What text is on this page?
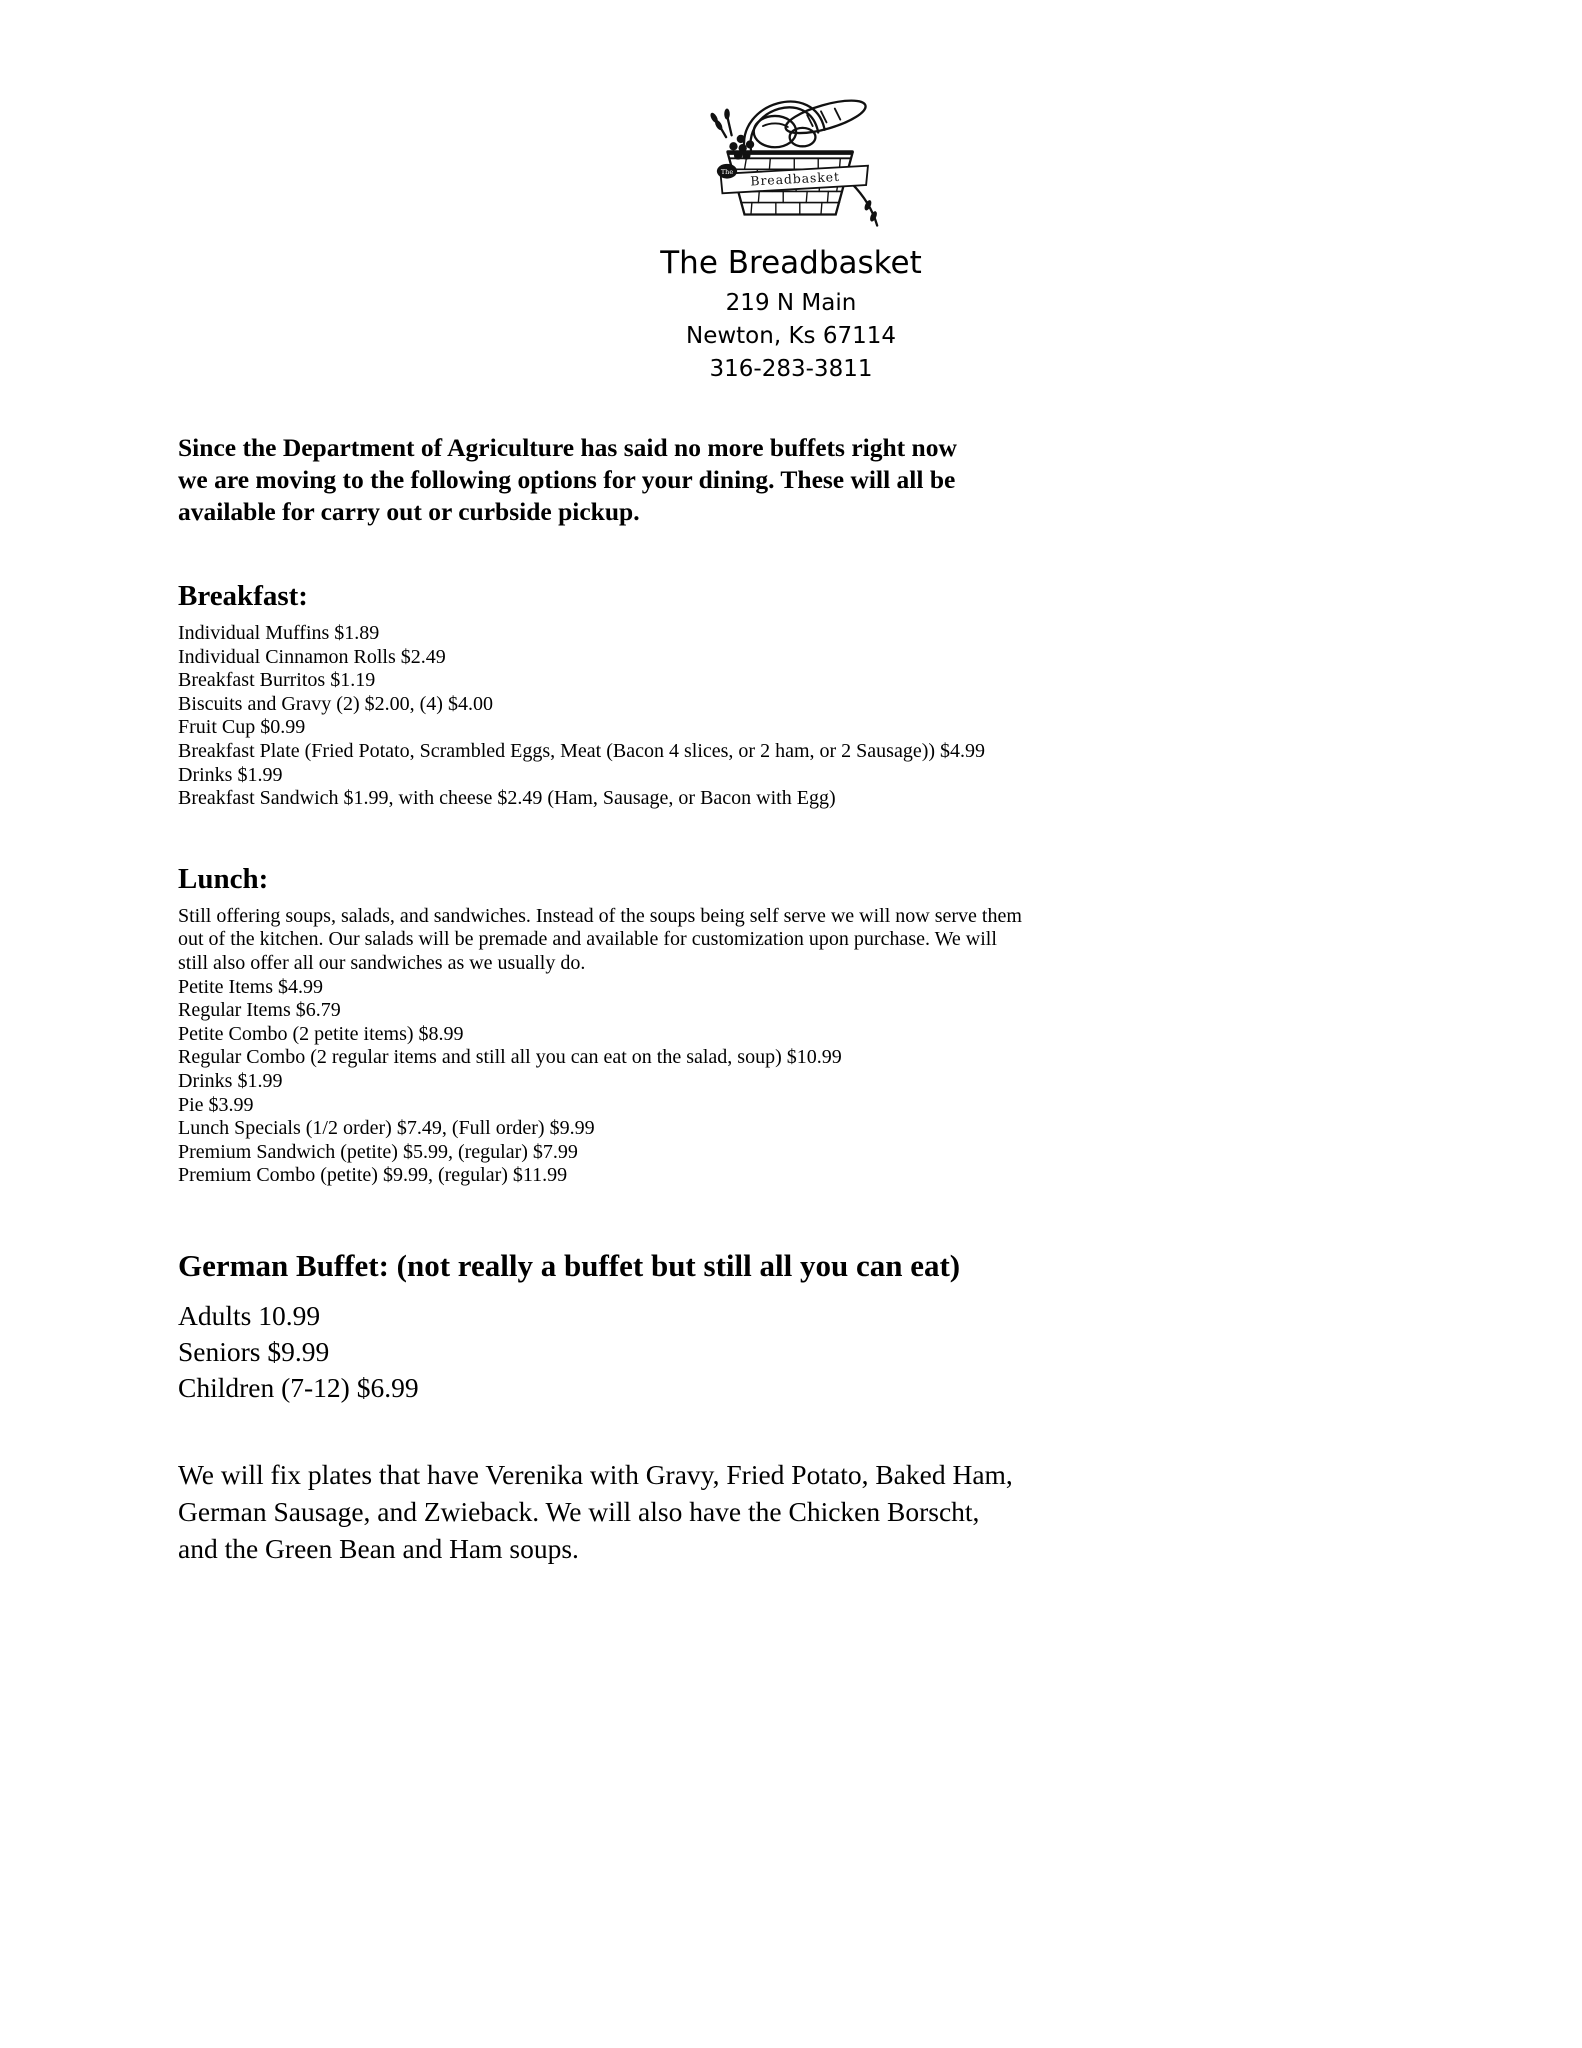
The Breadbasket
The Breadbasket
219 N Main
Newton, Ks 67114
316-283-3811
Since the Department of Agriculture has said no more buffets right now
we are moving to the following options for your dining. These will all be
available for carry out or curbside pickup.
Breakfast:
Individual Muffins $1.89
Individual Cinnamon Rolls $2.49
Breakfast Burritos $1.19
Biscuits and Gravy (2) $2.00, (4) $4.00
Fruit Cup $0.99
Breakfast Plate (Fried Potato, Scrambled Eggs, Meat (Bacon 4 slices, or 2 ham, or 2 Sausage)) $4.99
Drinks $1.99
Breakfast Sandwich $1.99, with cheese $2.49 (Ham, Sausage, or Bacon with Egg)
Lunch:
Still offering soups, salads, and sandwiches. Instead of the soups being self serve we will now serve them
out of the kitchen. Our salads will be premade and available for customization upon purchase. We will
still also offer all our sandwiches as we usually do.
Petite Items $4.99
Regular Items $6.79
Petite Combo (2 petite items) $8.99
Regular Combo (2 regular items and still all you can eat on the salad, soup) $10.99
Drinks $1.99
Pie $3.99
Lunch Specials (1/2 order) $7.49, (Full order) $9.99
Premium Sandwich (petite) $5.99, (regular) $7.99
Premium Combo (petite) $9.99, (regular) $11.99
German Buffet: (not really a buffet but still all you can eat)
Adults 10.99
Seniors $9.99
Children (7-12) $6.99
We will fix plates that have Verenika with Gravy, Fried Potato, Baked Ham,
German Sausage, and Zwieback. We will also have the Chicken Borscht,
and the Green Bean and Ham soups.
